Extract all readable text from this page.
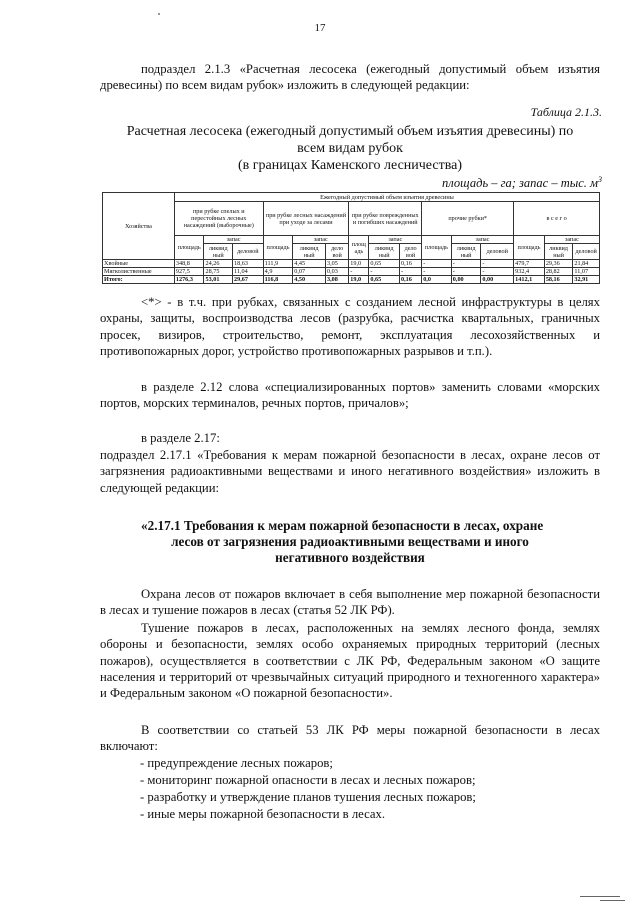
17
подраздел 2.1.3 «Расчетная лесосека (ежегодный допустимый объем изъятия древесины) по всем видам рубок» изложить в следующей редакции:
Таблица 2.1.3.
Расчетная лесосека (ежегодный допустимый объем изъятия древесины) по
всем видам рубок
(в границах Каменского лесничества)
площадь – га; запас – тыс. $м^3$
Хозяйства	Ежегодный допустимый объем изъятия древесины														
	при рубке спелых и перестойных лесных насаждений (выборочные)			при рубке лесных насаждений при уходе за лесами			при рубке поврежденных и погибших насаждений			прочие рубки*			в с е г о		
	площадь	запас		площадь	запас		площ адь	запас		площадь	запас		площадь	запас	
		ликвид ный	деловой		ликвид ный	дело вой		ликвид ный	дело вой		ликвид ный	деловой		ликвид ный	деловой
Хвойные	348,8	24,26	18,63	111,9	4,45	3,05	19,0	0,65	0,16	-	-	-	479,7	29,36	21,84
Мягколиственные	927,5	28,75	11,04	4,9	0,07	0,03	-	-	-	-	-	-	932,4	28,82	11,07
Итого:	1276,3	53,01	29,67	116,8	4,50	3,08	19,0	0,65	0,16	0,0	0,00	0,00	1412,1	58,16	32,91
<*> - в т.ч. при рубках, связанных с созданием лесной инфраструктуры в целях охраны, защиты, воспроизводства лесов (разрубка, расчистка квартальных, граничных просек, визиров, строительство, ремонт, эксплуатация лесохозяйственных и противопожарных дорог, устройство противопожарных разрывов и т.п.).
в разделе 2.12 слова «специализированных портов» заменить словами «морских портов, морских терминалов, речных портов, причалов»;
в разделе 2.17:
подраздел 2.17.1 «Требования к мерам пожарной безопасности в лесах, охране лесов от загрязнения радиоактивными веществами и иного негативного воздействия» изложить в следующей редакции:
«2.17.1 Требования к мерам пожарной безопасности в лесах, охране
лесов от загрязнения радиоактивными веществами и иного
негативного воздействия
Охрана лесов от пожаров включает в себя выполнение мер пожарной безопасности в лесах и тушение пожаров в лесах (статья 52 ЛК РФ).
Тушение пожаров в лесах, расположенных на землях лесного фонда, землях обороны и безопасности, землях особо охраняемых природных территорий (лесных пожаров), осуществляется в соответствии с ЛК РФ, Федеральным законом «О защите населения и территорий от чрезвычайных ситуаций природного и техногенного характера» и Федеральным законом «О пожарной безопасности».
В соответствии со статьей 53 ЛК РФ меры пожарной безопасности в лесах включают:
- предупреждение лесных пожаров;
- мониторинг пожарной опасности в лесах и лесных пожаров;
- разработку и утверждение планов тушения лесных пожаров;
- иные меры пожарной безопасности в лесах.
